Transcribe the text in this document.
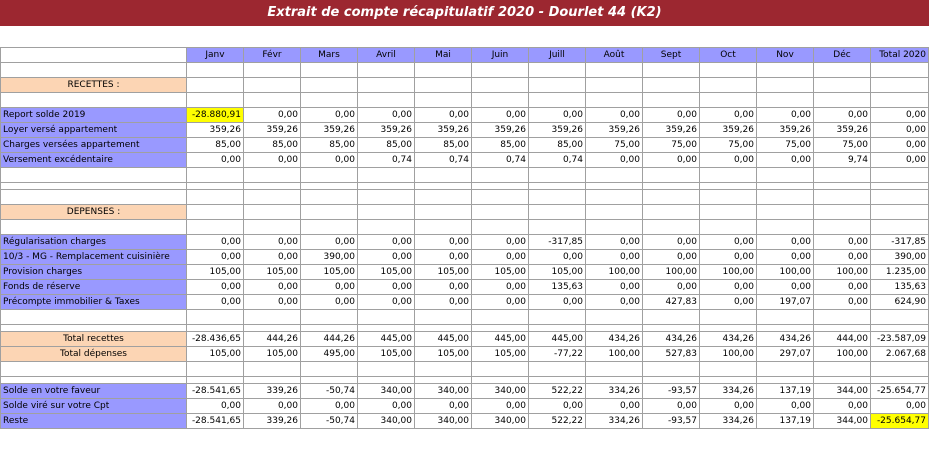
Extrait de compte récapitulatif 2020 - Dourlet 44 (K2)
	Janv	Févr	Mars	Avril	Mai	Juin	Juill	Août	Sept	Oct	Nov	Déc	Total 2020

RECETTES :													

Report solde 2019	-28.880,91	0,00	0,00	0,00	0,00	0,00	0,00	0,00	0,00	0,00	0,00	0,00	0,00
Loyer versé appartement	359,26	359,26	359,26	359,26	359,26	359,26	359,26	359,26	359,26	359,26	359,26	359,26	0,00
Charges versées appartement	85,00	85,00	85,00	85,00	85,00	85,00	85,00	75,00	75,00	75,00	75,00	75,00	0,00
Versement excédentaire	0,00	0,00	0,00	0,74	0,74	0,74	0,74	0,00	0,00	0,00	0,00	9,74	0,00

DEPENSES :													

Régularisation charges	0,00	0,00	0,00	0,00	0,00	0,00	-317,85	0,00	0,00	0,00	0,00	0,00	-317,85
10/3 - MG - Remplacement cuisinière	0,00	0,00	390,00	0,00	0,00	0,00	0,00	0,00	0,00	0,00	0,00	0,00	390,00
Provision charges	105,00	105,00	105,00	105,00	105,00	105,00	105,00	100,00	100,00	100,00	100,00	100,00	1.235,00
Fonds de réserve	0,00	0,00	0,00	0,00	0,00	0,00	135,63	0,00	0,00	0,00	0,00	0,00	135,63
Précompte immobilier & Taxes	0,00	0,00	0,00	0,00	0,00	0,00	0,00	0,00	427,83	0,00	197,07	0,00	624,90

Total recettes	-28.436,65	444,26	444,26	445,00	445,00	445,00	445,00	434,26	434,26	434,26	434,26	444,00	-23.587,09
Total dépenses	105,00	105,00	495,00	105,00	105,00	105,00	-77,22	100,00	527,83	100,00	297,07	100,00	2.067,68

Solde en votre faveur	-28.541,65	339,26	-50,74	340,00	340,00	340,00	522,22	334,26	-93,57	334,26	137,19	344,00	-25.654,77
Solde viré sur votre Cpt	0,00	0,00	0,00	0,00	0,00	0,00	0,00	0,00	0,00	0,00	0,00	0,00	0,00
Reste	-28.541,65	339,26	-50,74	340,00	340,00	340,00	522,22	334,26	-93,57	334,26	137,19	344,00	-25.654,77
